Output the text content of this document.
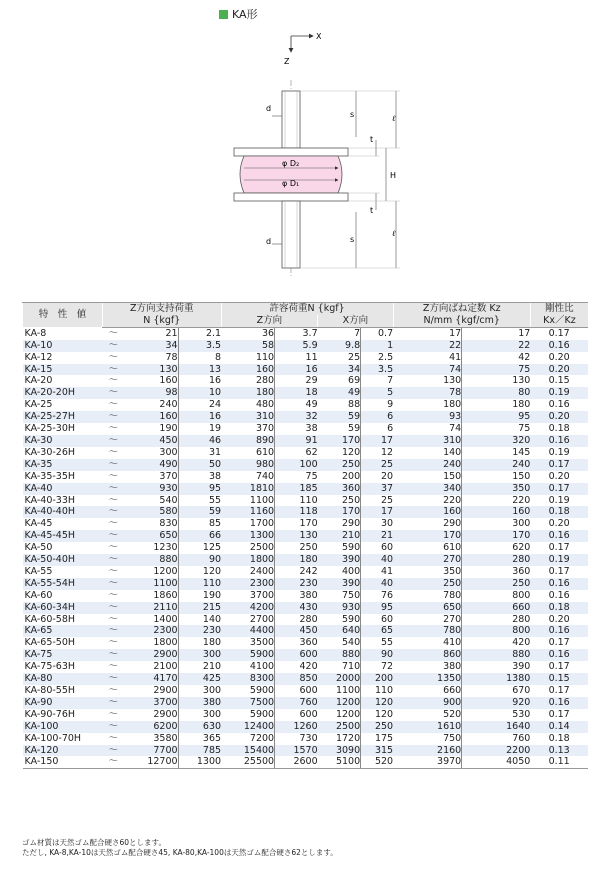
KA形
X
Z
φ D₂
φ D₁
d
d
s
s
t
t
ℓ
ℓ
H
特　性　値	Z方向支持荷重			許容荷重N {kgf}				Z方向ばね定数 Kz		剛性比
	N {kgf}			Z方向		X方向		N/mm {kgf/cm}		Kx／Kz
KA-8	～	21	2.1	36	3.7	7	0.7	17	17	0.17
KA-10	～	34	3.5	58	5.9	9.8	1	22	22	0.16
KA-12	～	78	8	110	11	25	2.5	41	42	0.20
KA-15	～	130	13	160	16	34	3.5	74	75	0.20
KA-20	～	160	16	280	29	69	7	130	130	0.15
KA-20-20H	～	98	10	180	18	49	5	78	80	0.19
KA-25	～	240	24	480	49	88	9	180	180	0.16
KA-25-27H	～	160	16	310	32	59	6	93	95	0.20
KA-25-30H	～	190	19	370	38	59	6	74	75	0.18
KA-30	～	450	46	890	91	170	17	310	320	0.16
KA-30-26H	～	300	31	610	62	120	12	140	145	0.19
KA-35	～	490	50	980	100	250	25	240	240	0.17
KA-35-35H	～	370	38	740	75	200	20	150	150	0.20
KA-40	～	930	95	1810	185	360	37	340	350	0.17
KA-40-33H	～	540	55	1100	110	250	25	220	220	0.19
KA-40-40H	～	580	59	1160	118	170	17	160	160	0.18
KA-45	～	830	85	1700	170	290	30	290	300	0.20
KA-45-45H	～	650	66	1300	130	210	21	170	170	0.16
KA-50	～	1230	125	2500	250	590	60	610	620	0.17
KA-50-40H	～	880	90	1800	180	390	40	270	280	0.19
KA-55	～	1200	120	2400	242	400	41	350	360	0.17
KA-55-54H	～	1100	110	2300	230	390	40	250	250	0.16
KA-60	～	1860	190	3700	380	750	76	780	800	0.16
KA-60-34H	～	2110	215	4200	430	930	95	650	660	0.18
KA-60-58H	～	1400	140	2700	280	590	60	270	280	0.20
KA-65	～	2300	230	4400	450	640	65	780	800	0.16
KA-65-50H	～	1800	180	3500	360	540	55	410	420	0.17
KA-75	～	2900	300	5900	600	880	90	860	880	0.16
KA-75-63H	～	2100	210	4100	420	710	72	380	390	0.17
KA-80	～	4170	425	8300	850	2000	200	1350	1380	0.15
KA-80-55H	～	2900	300	5900	600	1100	110	660	670	0.17
KA-90	～	3700	380	7500	760	1200	120	900	920	0.16
KA-90-76H	～	2900	300	5900	600	1200	120	520	530	0.17
KA-100	～	6200	630	12400	1260	2500	250	1610	1640	0.14
KA-100-70H	～	3580	365	7200	730	1720	175	750	760	0.18
KA-120	～	7700	785	15400	1570	3090	315	2160	2200	0.13
KA-150	～	12700	1300	25500	2600	5100	520	3970	4050	0.11
ゴム材質は天然ゴム配合硬さ60とします。
ただし, KA-8,KA-10は天然ゴム配合硬さ45, KA-80,KA-100は天然ゴム配合硬さ62とします。
